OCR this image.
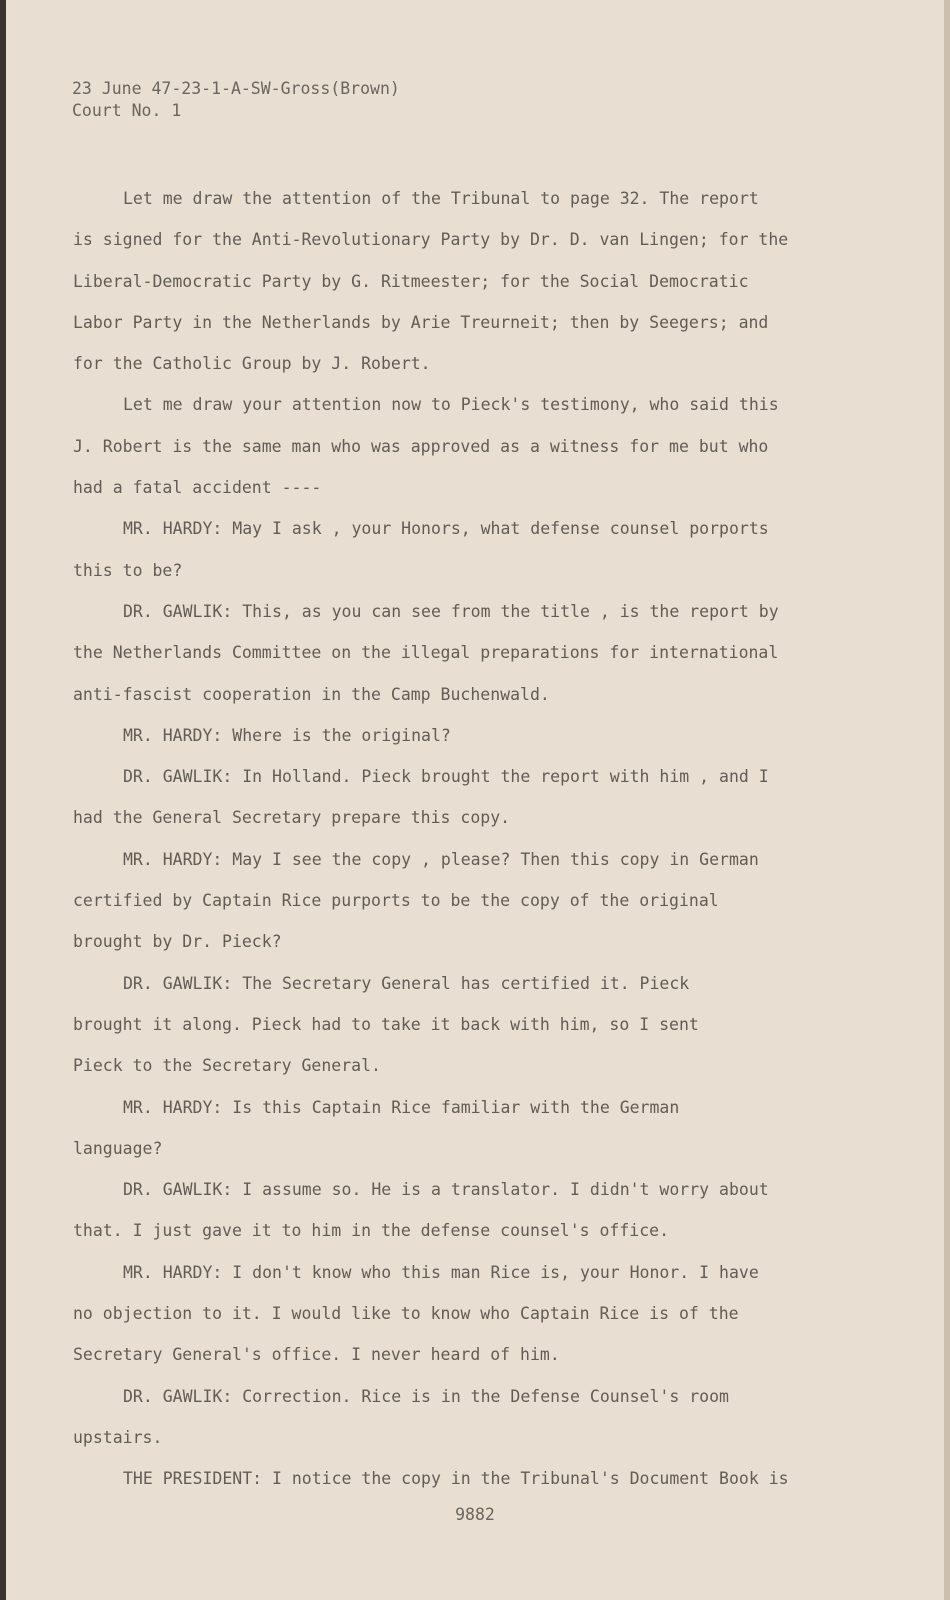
23 June 47-23-1-A-SW-Gross(Brown)
Court No. 1
Let me draw the attention of the Tribunal to page 32. The report
is signed for the Anti-Revolutionary Party by Dr. D. van Lingen; for the
Liberal-Democratic Party by G. Ritmeester; for the Social Democratic
Labor Party in the Netherlands by Arie Treurneit; then by Seegers; and
for the Catholic Group by J. Robert.
Let me draw your attention now to Pieck's testimony, who said this
J. Robert is the same man who was approved as a witness for me but who
had a fatal accident ----
MR. HARDY: May I ask , your Honors, what defense counsel porports
this to be?
DR. GAWLIK: This, as you can see from the title , is the report by
the Netherlands Committee on the illegal preparations for international
anti-fascist cooperation in the Camp Buchenwald.
MR. HARDY: Where is the original?
DR. GAWLIK: In Holland. Pieck brought the report with him , and I
had the General Secretary prepare this copy.
MR. HARDY: May I see the copy , please? Then this copy in German
certified by Captain Rice purports to be the copy of the original
brought by Dr. Pieck?
DR. GAWLIK: The Secretary General has certified it. Pieck
brought it along. Pieck had to take it back with him, so I sent
Pieck to the Secretary General.
MR. HARDY: Is this Captain Rice familiar with the German
language?
DR. GAWLIK: I assume so. He is a translator. I didn't worry about
that. I just gave it to him in the defense counsel's office.
MR. HARDY: I don't know who this man Rice is, your Honor. I have
no objection to it. I would like to know who Captain Rice is of the
Secretary General's office. I never heard of him.
DR. GAWLIK: Correction. Rice is in the Defense Counsel's room
upstairs.
THE PRESIDENT: I notice the copy in the Tribunal's Document Book is
9882
